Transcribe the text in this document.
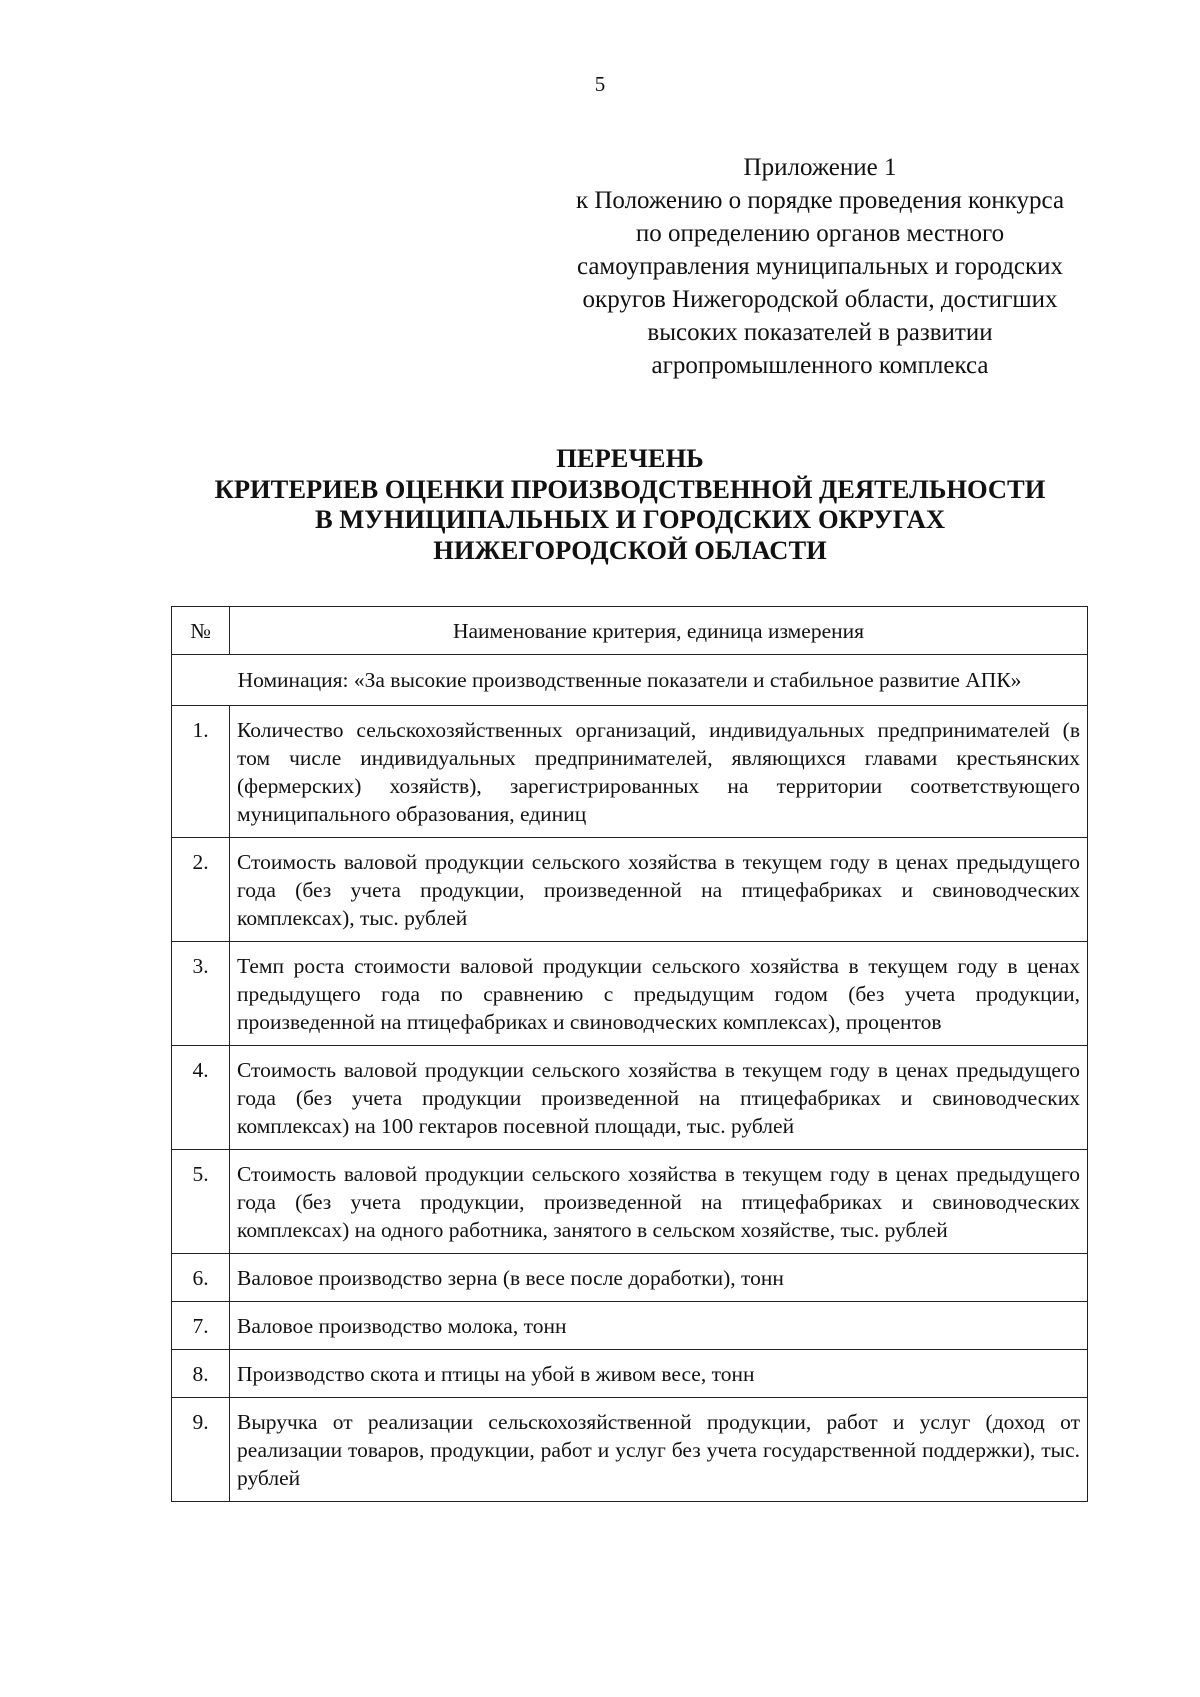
5
Приложение 1
к Положению о порядке проведения конкурса
по определению органов местного
самоуправления муниципальных и городских
округов Нижегородской области, достигших
высоких показателей в развитии
агропромышленного комплекса
ПЕРЕЧЕНЬ
КРИТЕРИЕВ ОЦЕНКИ ПРОИЗВОДСТВЕННОЙ ДЕЯТЕЛЬНОСТИ
В МУНИЦИПАЛЬНЫХ И ГОРОДСКИХ ОКРУГАХ
НИЖЕГОРОДСКОЙ ОБЛАСТИ
№	Наименование критерия, единица измерения
Номинация: «За высокие производственные показатели и стабильное развитие АПК»	
1.	Количество сельскохозяйственных организаций, индивидуальных предпринимателей (в том числе индивидуальных предпринимателей, являющихся главами крестьянских (фермерских) хозяйств), зарегистрированных на территории соответствующего муниципального образования, единиц
2.	Стоимость валовой продукции сельского хозяйства в текущем году в ценах предыдущего года (без учета продукции, произведенной на птицефабриках и свиноводческих комплексах), тыс. рублей
3.	Темп роста стоимости валовой продукции сельского хозяйства в текущем году в ценах предыдущего года по сравнению с предыдущим годом (без учета продукции, произведенной на птицефабриках и свиноводческих комплексах), процентов
4.	Стоимость валовой продукции сельского хозяйства в текущем году в ценах предыдущего года (без учета продукции произведенной на птицефабриках и свиноводческих комплексах) на 100 гектаров посевной площади, тыс. рублей
5.	Стоимость валовой продукции сельского хозяйства в текущем году в ценах предыдущего года (без учета продукции, произведенной на птицефабриках и свиноводческих комплексах) на одного работника, занятого в сельском хозяйстве, тыс. рублей
6.	Валовое производство зерна (в весе после доработки), тонн
7.	Валовое производство молока, тонн
8.	Производство скота и птицы на убой в живом весе, тонн
9.	Выручка от реализации сельскохозяйственной продукции, работ и услуг (доход от реализации товаров, продукции, работ и услуг без учета государственной поддержки), тыс. рублей
